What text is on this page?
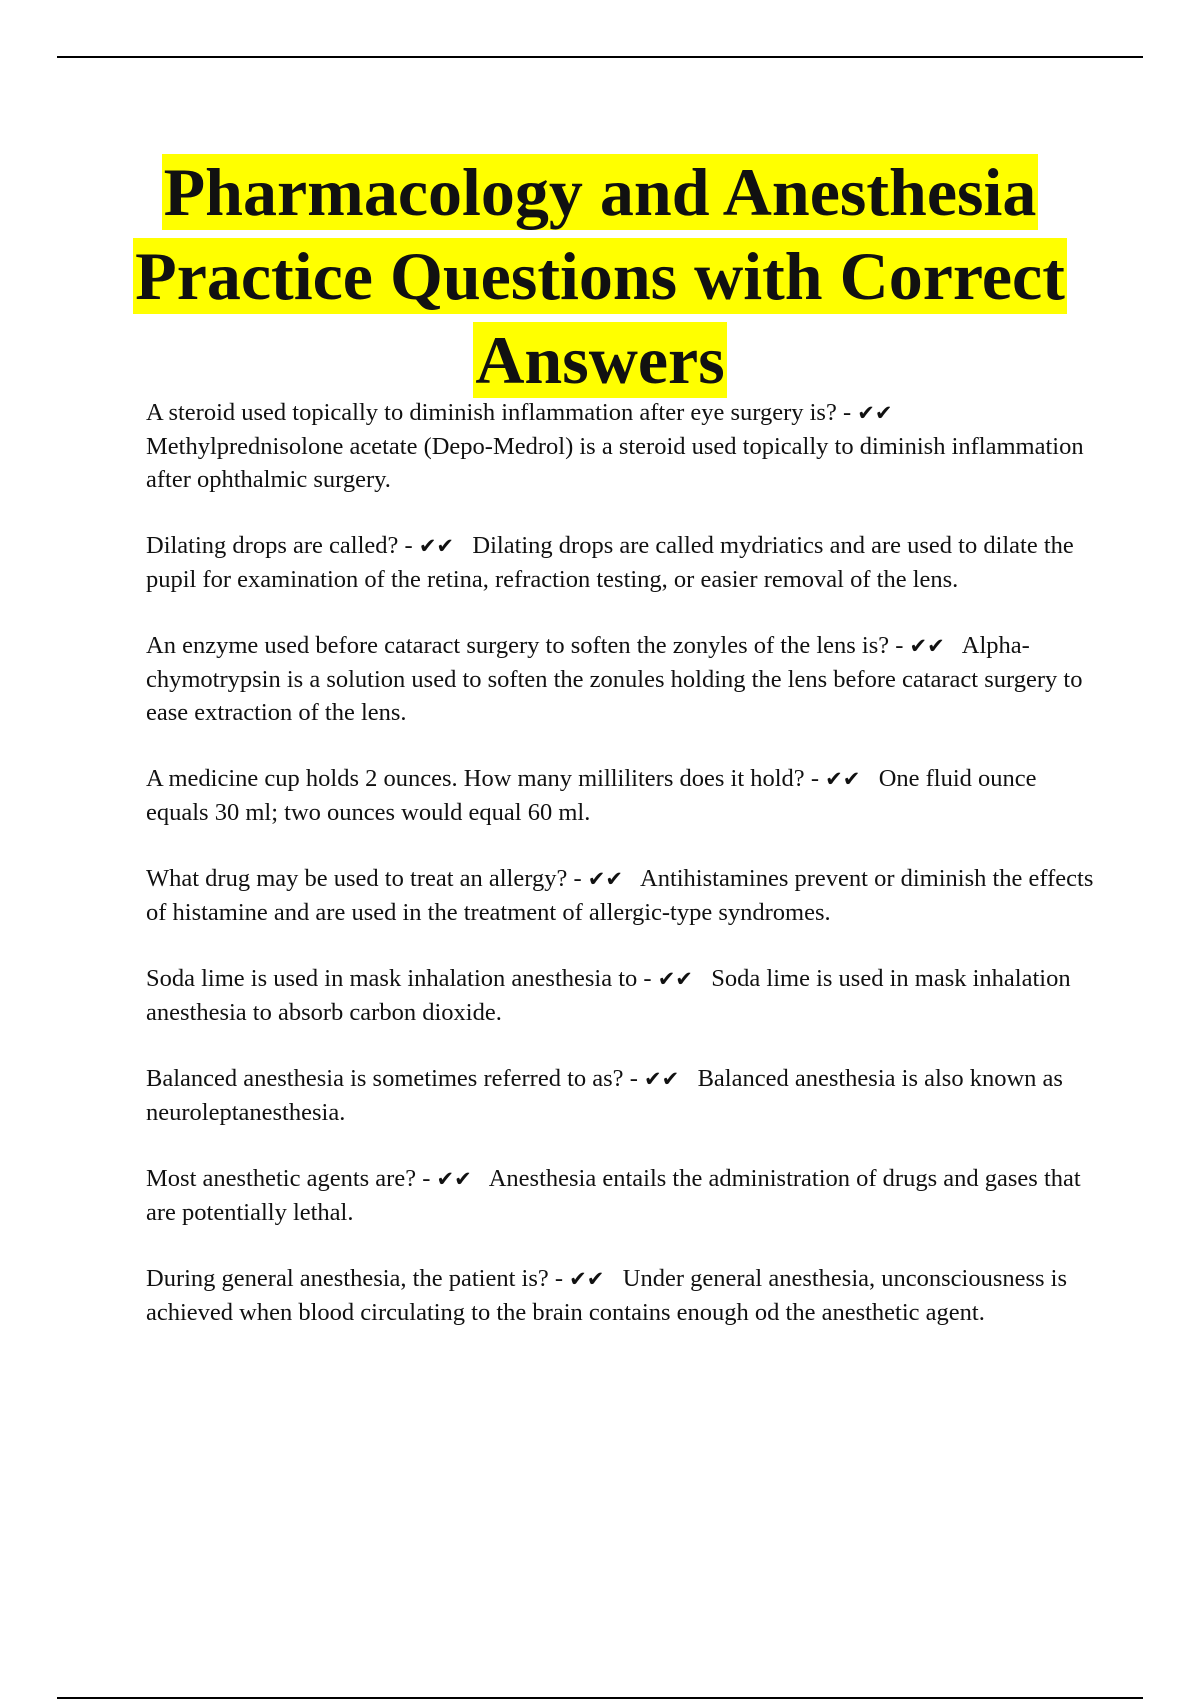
Pharmacology and Anesthesia Practice Questions with Correct Answers
A steroid used topically to diminish inflammation after eye surgery is? - ✔✔   Methylprednisolone acetate (Depo-Medrol) is a steroid used topically to diminish inflammation after ophthalmic surgery.
Dilating drops are called? - ✔✔ Dilating drops are called mydriatics and are used to dilate the pupil for examination of the retina, refraction testing, or easier removal of the lens.
An enzyme used before cataract surgery to soften the zonyles of the lens is? - ✔✔ Alpha-chymotrypsin is a solution used to soften the zonules holding the lens before cataract surgery to ease extraction of the lens.
A medicine cup holds 2 ounces. How many milliliters does it hold? - ✔✔ One fluid ounce equals 30 ml; two ounces would equal 60 ml.
What drug may be used to treat an allergy? - ✔✔ Antihistamines prevent or diminish the effects of histamine and are used in the treatment of allergic-type syndromes.
Soda lime is used in mask inhalation anesthesia to - ✔✔ Soda lime is used in mask inhalation anesthesia to absorb carbon dioxide.
Balanced anesthesia is sometimes referred to as? - ✔✔ Balanced anesthesia is also known as neuroleptanesthesia.
Most anesthetic agents are? - ✔✔ Anesthesia entails the administration of drugs and gases that are potentially lethal.
During general anesthesia, the patient is? - ✔✔ Under general anesthesia, unconsciousness is achieved when blood circulating to the brain contains enough od the anesthetic agent.
